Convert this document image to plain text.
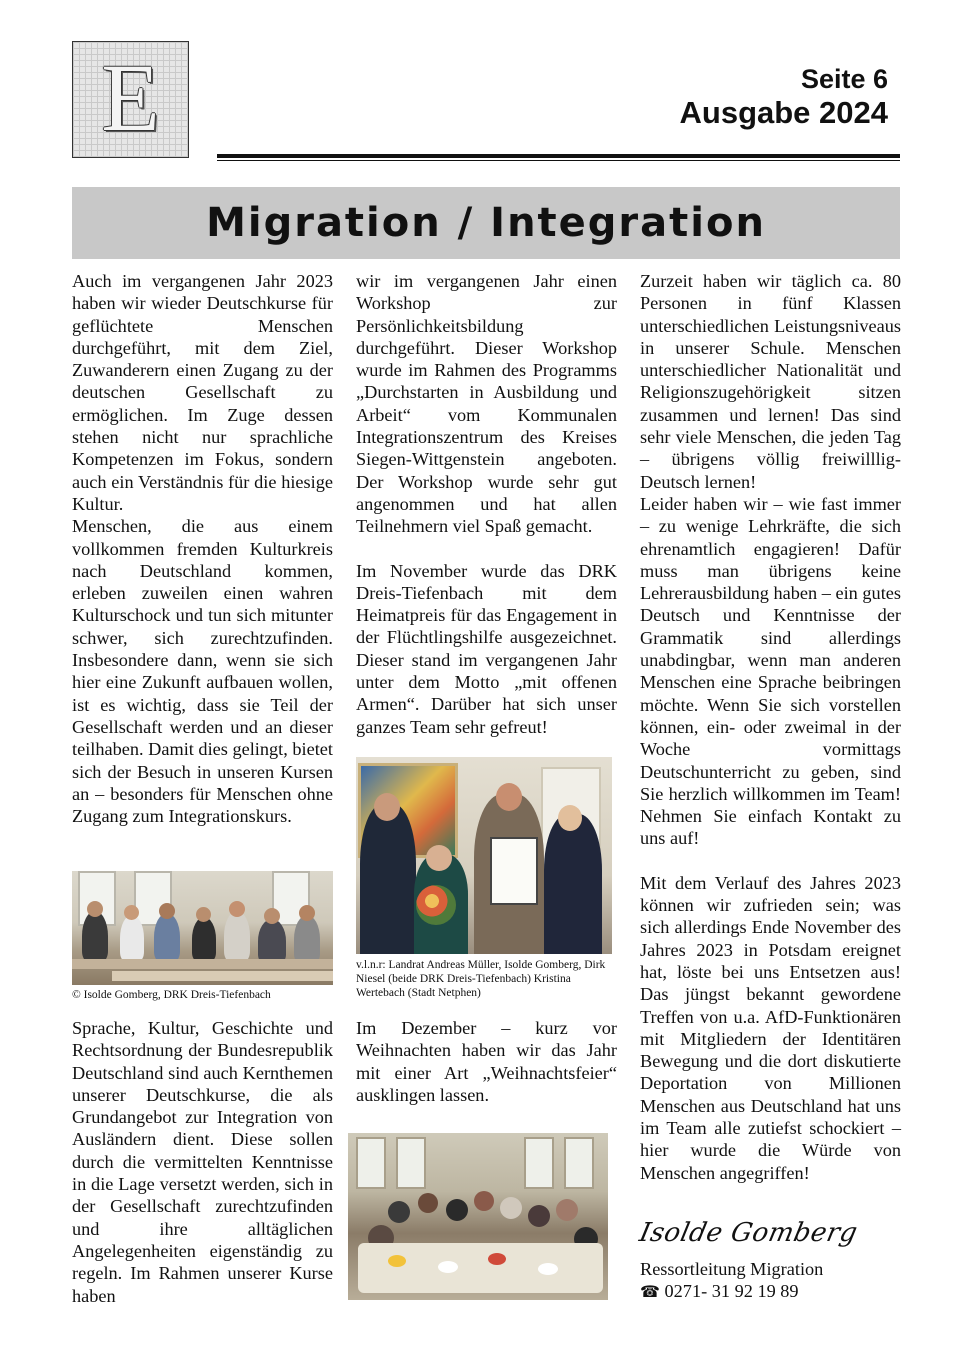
E	Seite 6
Ausgabe 2024
Migration / Integration

Auch im vergangenen Jahr 2023 haben wir wieder Deutschkurse für geflüchtete Menschen durchgeführt, mit dem Ziel, Zuwanderern einen Zugang zu der deutschen Gesellschaft zu ermöglichen. Im Zuge dessen stehen nicht nur sprachliche Kompetenzen im Fokus, sondern auch ein Verständnis für die hiesige Kultur.

Menschen, die aus einem vollkommen fremden Kulturkreis nach Deutschland kommen, erleben zuweilen einen wahren Kulturschock und tun sich mitunter schwer, sich zurechtzufinden. Insbesondere dann, wenn sie sich hier eine Zukunft aufbauen wollen, ist es wichtig, dass sie Teil der Gesellschaft werden und an dieser teilhaben. Damit dies gelingt, bietet sich der Besuch in unseren Kursen an – besonders für Menschen ohne Zugang zum Integrationskurs.

© Isolde Gomberg, DRK Dreis-Tiefenbach

Sprache, Kultur, Geschichte und Rechtsordnung der Bundesrepublik Deutschland sind auch Kernthemen unserer Deutschkurse, die als Grundangebot zur Integration von Ausländern dient. Diese sollen durch die vermittelten Kenntnisse in die Lage versetzt werden, sich in der Gesellschaft zurechtzufinden und ihre alltäglichen Angelegenheiten eigenständig zu regeln. Im Rahmen unserer Kurse haben

wir im vergangenen Jahr einen Workshop zur Persönlichkeitsbildung durchgeführt. Dieser Workshop wurde im Rahmen des Programms „Durchstarten in Ausbildung und Arbeit“ vom Kommunalen Integrationszentrum des Kreises Siegen-Wittgenstein angeboten. Der Workshop wurde sehr gut angenommen und hat allen Teilnehmern viel Spaß gemacht.

Im November wurde das DRK Dreis-Tiefenbach mit dem Heimatpreis für das Engagement in der Flüchtlingshilfe ausgezeichnet. Dieser stand im vergangenen Jahr unter dem Motto „mit offenen Armen“. Darüber hat sich unser ganzes Team sehr gefreut!

v.l.n.r: Landrat Andreas Müller, Isolde Gomberg, Dirk Niesel (beide DRK Dreis-Tiefenbach) Kristina Wertebach (Stadt Netphen)

Im Dezember – kurz vor Weihnachten haben wir das Jahr mit einer Art „Weihnachtsfeier“ ausklingen lassen.

Zurzeit haben wir täglich ca. 80 Personen in fünf Klassen unterschiedlichen Leistungsniveaus in unserer Schule. Menschen unterschiedlicher Nationalität und Religionszugehörigkeit sitzen zusammen und lernen! Das sind sehr viele Menschen, die jeden Tag – übrigens völlig freiwilllig- Deutsch lernen!

Leider haben wir – wie fast immer – zu wenige Lehrkräfte, die sich ehrenamtlich engagieren! Dafür muss man übrigens keine Lehrerausbildung haben – ein gutes Deutsch und Kenntnisse der Grammatik sind allerdings unabdingbar, wenn man anderen Menschen eine Sprache beibringen möchte. Wenn Sie sich vorstellen können, ein- oder zweimal in der Woche vormittags Deutschunterricht zu geben, sind Sie herzlich willkommen im Team! Nehmen Sie einfach Kontakt zu uns auf!

Mit dem Verlauf des Jahres 2023 können wir zufrieden sein; was sich allerdings Ende November des Jahres 2023 in Potsdam ereignet hat, löste bei uns Entsetzen aus! Das jüngst bekannt gewordene Treffen von u.a. AfD-Funktionären mit Mitgliedern der Identitären Bewegung und die dort diskutierte Deportation von Millionen Menschen aus Deutschland hat uns im Team alle zutiefst schockiert – hier wurde die Würde von Menschen angegriffen!

Isolde Gomberg
Ressortleitung Migration
☎ 0271- 31 92 19 89
